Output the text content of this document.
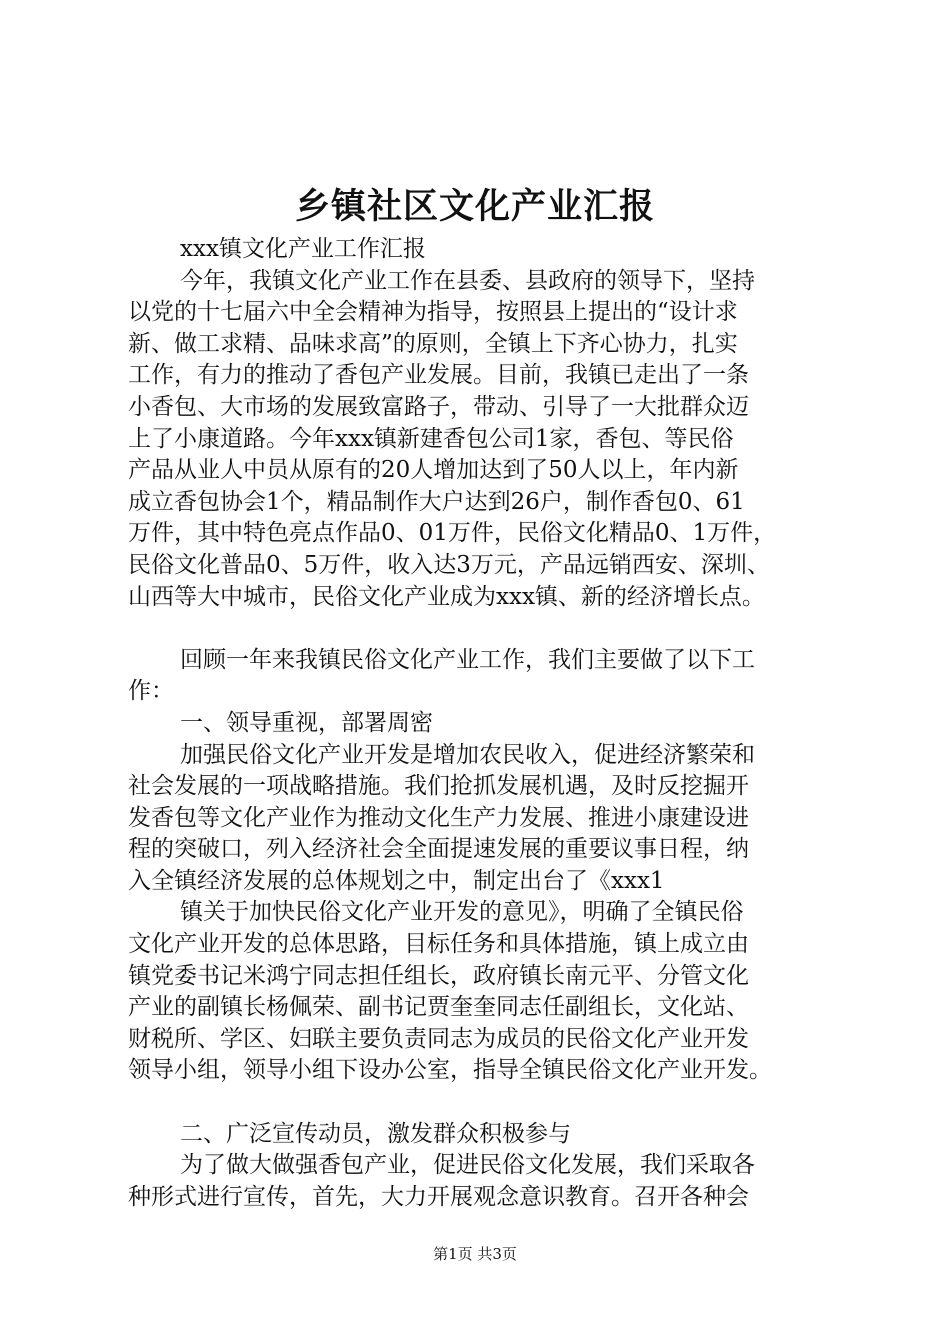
乡镇社区文化产业汇报
xxx镇文化产业工作汇报
今年，我镇文化产业工作在县委、县政府的领导下，坚持
以党的十七届六中全会精神为指导，按照县上提出的“设计求
新、做工求精、品味求高”的原则，全镇上下齐心协力，扎实
工作，有力的推动了香包产业发展。目前，我镇已走出了一条
小香包、大市场的发展致富路子，带动、引导了一大批群众迈
上了小康道路。今年xxx镇新建香包公司1家，香包、等民俗
产品从业人中员从原有的20人增加达到了50人以上，年内新
成立香包协会1个，精品制作大户达到26户，制作香包0、61
万件，其中特色亮点作品0、01万件，民俗文化精品0、1万件，
民俗文化普品0、5万件，收入达3万元，产品远销西安、深圳、
山西等大中城市，民俗文化产业成为xxx镇、新的经济增长点。
回顾一年来我镇民俗文化产业工作，我们主要做了以下工
作：
一、领导重视，部署周密
加强民俗文化产业开发是增加农民收入，促进经济繁荣和
社会发展的一项战略措施。我们抢抓发展机遇，及时反挖掘开
发香包等文化产业作为推动文化生产力发展、推进小康建设进
程的突破口，列入经济社会全面提速发展的重要议事日程，纳
入全镇经济发展的总体规划之中，制定出台了《xxx1
镇关于加快民俗文化产业开发的意见》，明确了全镇民俗
文化产业开发的总体思路，目标任务和具体措施，镇上成立由
镇党委书记米鸿宁同志担任组长，政府镇长南元平、分管文化
产业的副镇长杨佩荣、副书记贾奎奎同志任副组长，文化站、
财税所、学区、妇联主要负责同志为成员的民俗文化产业开发
领导小组，领导小组下设办公室，指导全镇民俗文化产业开发。
二、广泛宣传动员，激发群众积极参与
为了做大做强香包产业，促进民俗文化发展，我们采取各
种形式进行宣传，首先，大力开展观念意识教育。召开各种会
第1页 共3页
